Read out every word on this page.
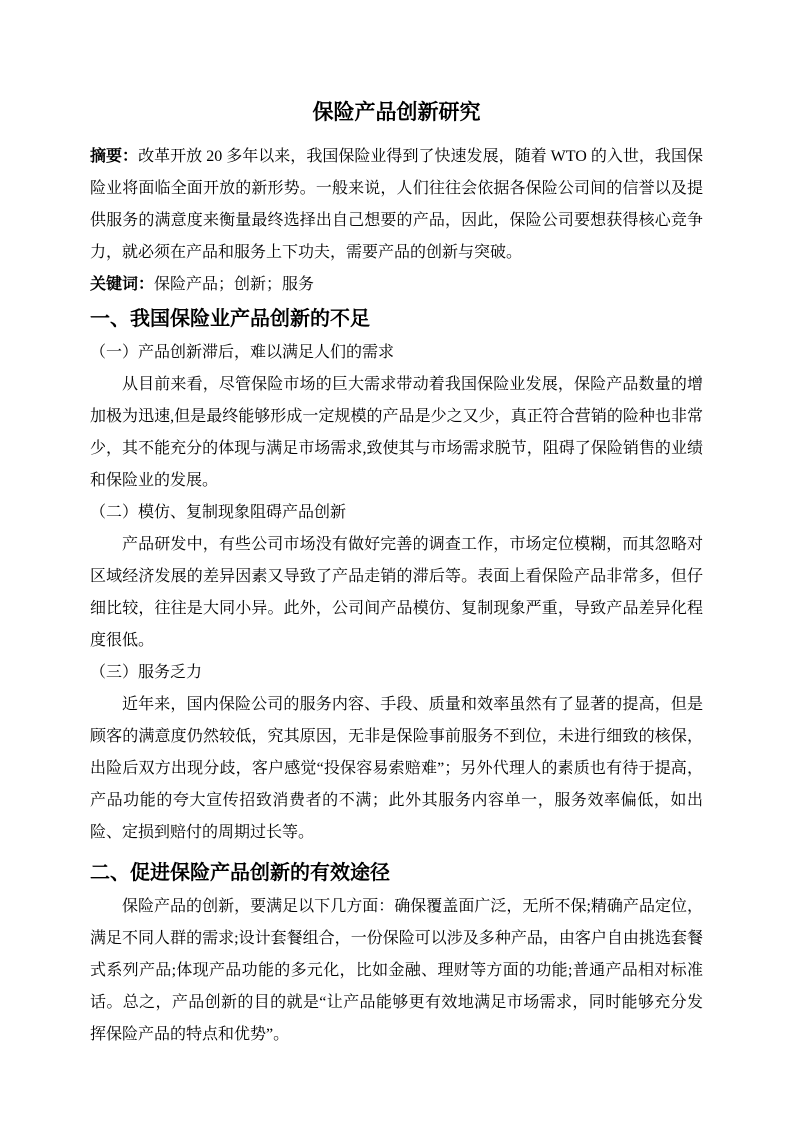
保险产品创新研究

摘要：改革开放 20 多年以来，我国保险业得到了快速发展，随着 WTO 的入世，我国保险业将面临全面开放的新形势。一般来说，人们往往会依据各保险公司间的信誉以及提供服务的满意度来衡量最终选择出自己想要的产品，因此，保险公司要想获得核心竞争力，就必须在产品和服务上下功夫，需要产品的创新与突破。

关键词：保险产品；创新；服务

一、我国保险业产品创新的不足

（一）产品创新滞后，难以满足人们的需求

从目前来看，尽管保险市场的巨大需求带动着我国保险业发展，保险产品数量的增加极为迅速,但是最终能够形成一定规模的产品是少之又少，真正符合营销的险种也非常少，其不能充分的体现与满足市场需求,致使其与市场需求脱节，阻碍了保险销售的业绩和保险业的发展。

（二）模仿、复制现象阻碍产品创新

产品研发中，有些公司市场没有做好完善的调查工作，市场定位模糊，而其忽略对区域经济发展的差异因素又导致了产品走销的滞后等。表面上看保险产品非常多，但仔细比较，往往是大同小异。此外，公司间产品模仿、复制现象严重，导致产品差异化程度很低。

（三）服务乏力

近年来，国内保险公司的服务内容、手段、质量和效率虽然有了显著的提高，但是顾客的满意度仍然较低，究其原因，无非是保险事前服务不到位，未进行细致的核保，出险后双方出现分歧，客户感觉“投保容易索赔难”；另外代理人的素质也有待于提高，产品功能的夸大宣传招致消费者的不满；此外其服务内容单一，服务效率偏低，如出险、定损到赔付的周期过长等。

二、促进保险产品创新的有效途径

保险产品的创新，要满足以下几方面：确保覆盖面广泛，无所不保;精确产品定位，满足不同人群的需求;设计套餐组合，一份保险可以涉及多种产品，由客户自由挑选套餐式系列产品;体现产品功能的多元化，比如金融、理财等方面的功能;普通产品相对标准话。总之，产品创新的目的就是“让产品能够更有效地满足市场需求，同时能够充分发挥保险产品的特点和优势”。
